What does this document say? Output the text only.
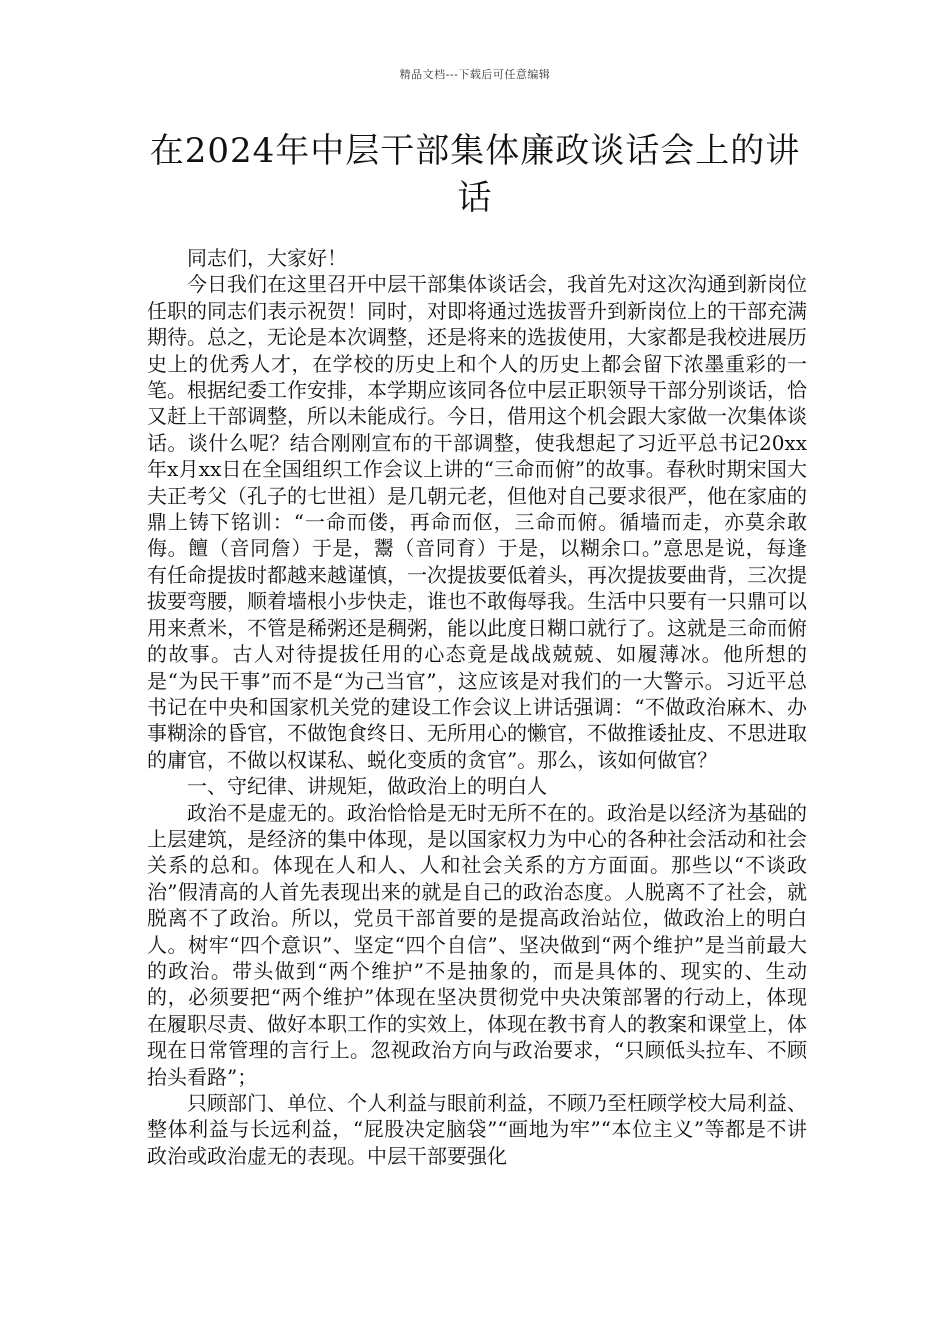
精品文档---下载后可任意编辑
在2024年中层干部集体廉政谈话会上的讲话

同志们，大家好！

今日我们在这里召开中层干部集体谈话会，我首先对这次沟通到新岗位任职的同志们表示祝贺！同时，对即将通过选拔晋升到新岗位上的干部充满期待。总之，无论是本次调整，还是将来的选拔使用，大家都是我校进展历史上的优秀人才，在学校的历史上和个人的历史上都会留下浓墨重彩的一笔。根据纪委工作安排，本学期应该同各位中层正职领导干部分别谈话，恰又赶上干部调整，所以未能成行。今日，借用这个机会跟大家做一次集体谈话。谈什么呢？结合刚刚宣布的干部调整，使我想起了习近平总书记20xx年x月xx日在全国组织工作会议上讲的“三命而俯”的故事。春秋时期宋国大夫正考父（孔子的七世祖）是几朝元老，但他对自己要求很严，他在家庙的鼎上铸下铭训：“一命而偻，再命而伛，三命而俯。循墙而走，亦莫余敢侮。饘（音同詹）于是，鬻（音同育）于是，以糊余口。”意思是说，每逢有任命提拔时都越来越谨慎，一次提拔要低着头，再次提拔要曲背，三次提拔要弯腰，顺着墙根小步快走，谁也不敢侮辱我。生活中只要有一只鼎可以用来煮米，不管是稀粥还是稠粥，能以此度日糊口就行了。这就是三命而俯的故事。古人对待提拔任用的心态竟是战战兢兢、如履薄冰。他所想的是“为民干事”而不是“为己当官”，这应该是对我们的一大警示。习近平总书记在中央和国家机关党的建设工作会议上讲话强调：“不做政治麻木、办事糊涂的昏官，不做饱食终日、无所用心的懒官，不做推诿扯皮、不思进取的庸官，不做以权谋私、蜕化变质的贪官”。那么，该如何做官？

一、守纪律、讲规矩，做政治上的明白人

政治不是虚无的。政治恰恰是无时无所不在的。政治是以经济为基础的上层建筑，是经济的集中体现，是以国家权力为中心的各种社会活动和社会关系的总和。体现在人和人、人和社会关系的方方面面。那些以“不谈政治”假清高的人首先表现出来的就是自己的政治态度。人脱离不了社会，就脱离不了政治。所以，党员干部首要的是提高政治站位，做政治上的明白人。树牢“四个意识”、坚定“四个自信”、坚决做到“两个维护”是当前最大的政治。带头做到“两个维护”不是抽象的，而是具体的、现实的、生动的，必须要把“两个维护”体现在坚决贯彻党中央决策部署的行动上，体现在履职尽责、做好本职工作的实效上，体现在教书育人的教案和课堂上，体现在日常管理的言行上。忽视政治方向与政治要求，“只顾低头拉车、不顾抬头看路”；

只顾部门、单位、个人利益与眼前利益，不顾乃至枉顾学校大局利益、整体利益与长远利益，“屁股决定脑袋”“画地为牢”“本位主义”等都是不讲政治或政治虚无的表现。中层干部要强化
